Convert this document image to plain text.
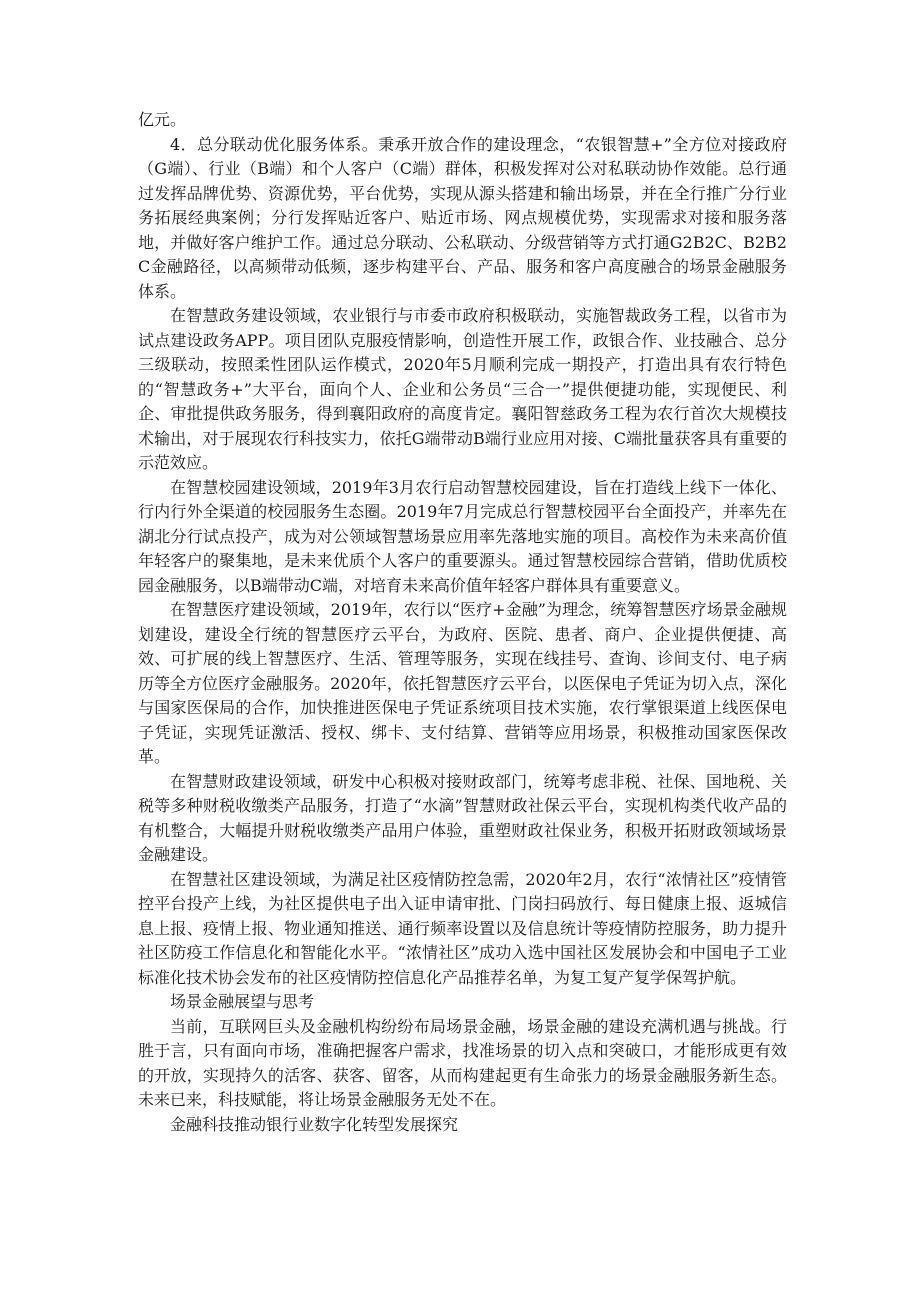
亿元。

4．总分联动优化服务体系。秉承开放合作的建设理念，“农银智慧+”全方位对接政府（G端）、行业（B端）和个人客户（C端）群体，积极发挥对公对私联动协作效能。总行通过发挥品牌优势、资源优势，平台优势，实现从源头搭建和输出场景，并在全行推广分行业务拓展经典案例；分行发挥贴近客户、贴近市场、网点规模优势，实现需求对接和服务落地，并做好客户维护工作。通过总分联动、公私联动、分级营销等方式打通G2B2C、B2B2C金融路径，以高频带动低频，逐步构建平台、产品、服务和客户高度融合的场景金融服务体系。

在智慧政务建设领域，农业银行与市委市政府积极联动，实施智裁政务工程，以省市为试点建设政务APP。项目团队克服疫情影响，创造性开展工作，政银合作、业技融合、总分三级联动，按照柔性团队运作模式，2020年5月顺利完成一期投产，打造出具有农行特色的“智慧政务+”大平台，面向个人、企业和公务员“三合一”提供便捷功能，实现便民、利企、审批提供政务服务，得到襄阳政府的高度肯定。襄阳智慈政务工程为农行首次大规模技术输出，对于展现农行科技实力，依托G端带动B端行业应用对接、C端批量获客具有重要的示范效应。

在智慧校园建设领域，2019年3月农行启动智慧校园建设，旨在打造线上线下一体化、行内行外全渠道的校园服务生态圈。2019年7月完成总行智慧校园平台全面投产，并率先在湖北分行试点投产，成为对公领域智慧场景应用率先落地实施的项目。高校作为未来高价值年轻客户的聚集地，是未来优质个人客户的重要源头。通过智慧校园综合营销，借助优质校园金融服务，以B端带动C端，对培育未来高价值年轻客户群体具有重要意义。

在智慧医疗建设领域，2019年，农行以“医疗+金融”为理念，统筹智慧医疗场景金融规划建设，建设全行统的智慧医疗云平台，为政府、医院、患者、商户、企业提供便捷、高效、可扩展的线上智慧医疗、生活、管理等服务，实现在线挂号、查询、诊间支付、电子病历等全方位医疗金融服务。2020年，依托智慧医疗云平台，以医保电子凭证为切入点，深化与国家医保局的合作，加快推进医保电子凭证系统项目技术实施，农行掌银渠道上线医保电子凭证，实现凭证激活、授权、绑卡、支付结算、营销等应用场景，积极推动国家医保改革。

在智慧财政建设领域，研发中心积极对接财政部门，统筹考虑非税、社保、国地税、关税等多种财税收缴类产品服务，打造了“水滴”智慧财政社保云平台，实现机构类代收产品的有机整合，大幅提升财税收缴类产品用户体验，重塑财政社保业务，积极开拓财政领域场景金融建设。

在智慧社区建设领域，为满足社区疫情防控急需，2020年2月，农行“浓情社区”疫情管控平台投产上线，为社区提供电子出入证申请审批、门岗扫码放行、每日健康上报、返城信息上报、疫情上报、物业通知推送、通行频率设置以及信息统计等疫情防控服务，助力提升社区防疫工作信息化和智能化水平。“浓情社区”成功入选中国社区发展协会和中国电子工业标准化技术协会发布的社区疫情防控信息化产品推荐名单，为复工复产复学保驾护航。

场景金融展望与思考

当前，互联网巨头及金融机构纷纷布局场景金融，场景金融的建设充满机遇与挑战。行胜于言，只有面向市场，准确把握客户需求，找准场景的切入点和突破口，才能形成更有效的开放，实现持久的活客、获客、留客，从而构建起更有生命张力的场景金融服务新生态。未来已来，科技赋能，将让场景金融服务无处不在。

金融科技推动银行业数字化转型发展探究
